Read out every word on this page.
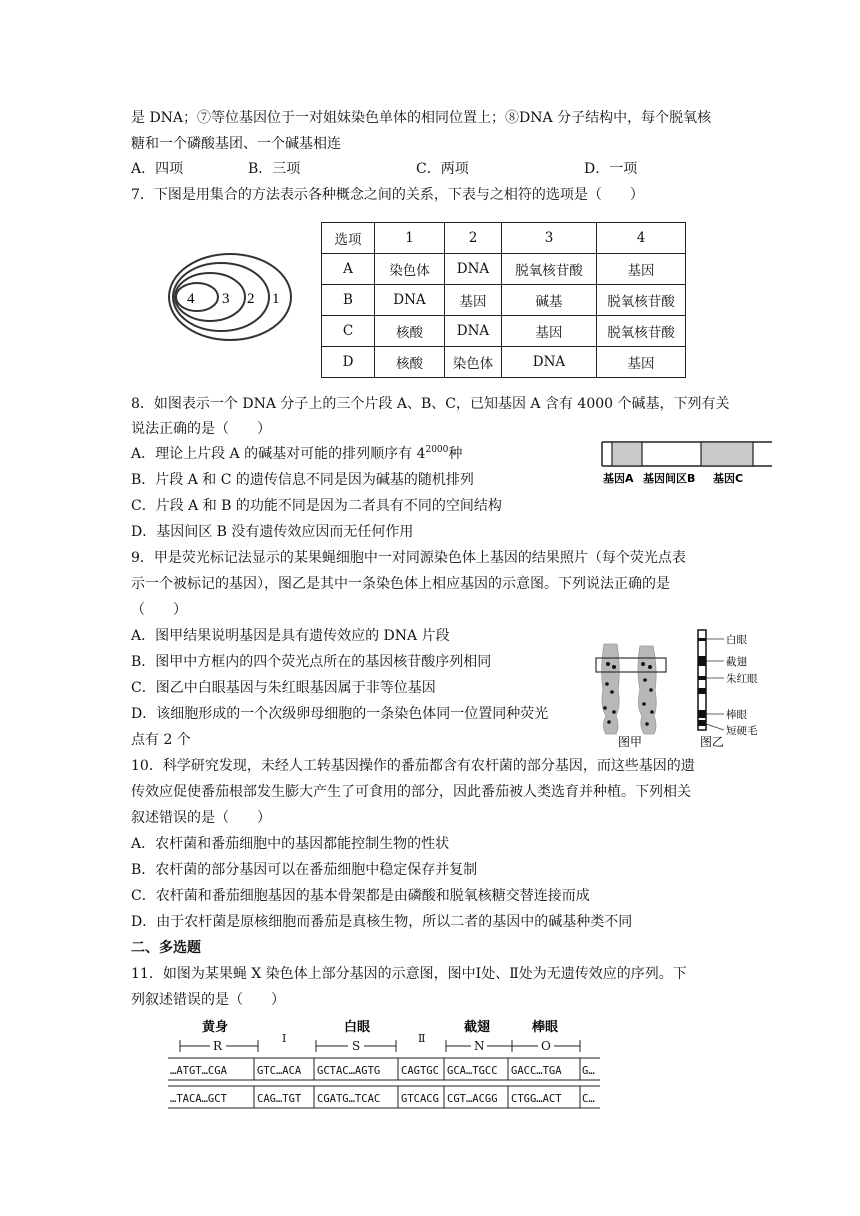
是 DNA；⑦等位基因位于一对姐妹染色单体的相同位置上；⑧DNA 分子结构中，每个脱氧核
糖和一个磷酸基团、一个碱基相连
A．四项	B．三项	C．两项	D．一项
7．下图是用集合的方法表示各种概念之间的关系，下表与之相符的选项是（　　）
4 3 2 1
选项	1	2	3	4
A	染色体	DNA	脱氧核苷酸	基因
B	DNA	基因	碱基	脱氧核苷酸
C	核酸	DNA	基因	脱氧核苷酸
D	核酸	染色体	DNA	基因
8．如图表示一个 DNA 分子上的三个片段 A、B、C，已知基因 A 含有 4000 个碱基，下列有关
说法正确的是（　　）
A．理论上片段 A 的碱基对可能的排列顺序有 $4^{2000}$种
B．片段 A 和 C 的遗传信息不同是因为碱基的随机排列
C．片段 A 和 B 的功能不同是因为二者具有不同的空间结构
D．基因间区 B 没有遗传效应因而无任何作用
基因A 基因间区B 基因C
9．甲是荧光标记法显示的某果蝇细胞中一对同源染色体上基因的结果照片（每个荧光点表
示一个被标记的基因），图乙是其中一条染色体上相应基因的示意图。下列说法正确的是
（　　）
A．图甲结果说明基因是具有遗传效应的 DNA 片段
B．图甲中方框内的四个荧光点所在的基因核苷酸序列相同
C．图乙中白眼基因与朱红眼基因属于非等位基因
D．该细胞形成的一个次级卵母细胞的一条染色体同一位置同种荧光
点有 2 个	图甲
白眼
截翅
朱红眼
棒眼
短硬毛
图乙
10．科学研究发现，未经人工转基因操作的番茄都含有农杆菌的部分基因，而这些基因的遗
传效应促使番茄根部发生膨大产生了可食用的部分，因此番茄被人类选育并种植。下列相关
叙述错误的是（　　）
A．农杆菌和番茄细胞中的基因都能控制生物的性状
B．农杆菌的部分基因可以在番茄细胞中稳定保存并复制
C．农杆菌和番茄细胞基因的基本骨架都是由磷酸和脱氧核糖交替连接而成
D．由于农杆菌是原核细胞而番茄是真核生物，所以二者的基因中的碱基种类不同
二、多选题
11．如图为某果蝇 X 染色体上部分基因的示意图，图中Ⅰ处、Ⅱ处为无遗传效应的序列。下
列叙述错误的是（　　）
黄身	白眼	截翅	棒眼
R	S	N	O
Ⅰ	Ⅱ
…ATGT…CGA	GTC…ACA GCTAC…AGTG CAGTGC GCA…TGCC GACC…TGA G…
…TACA…GCT	CAG…TGT CGATG…TCAC GTCACG CGT…ACGG CTGG…ACT C…
